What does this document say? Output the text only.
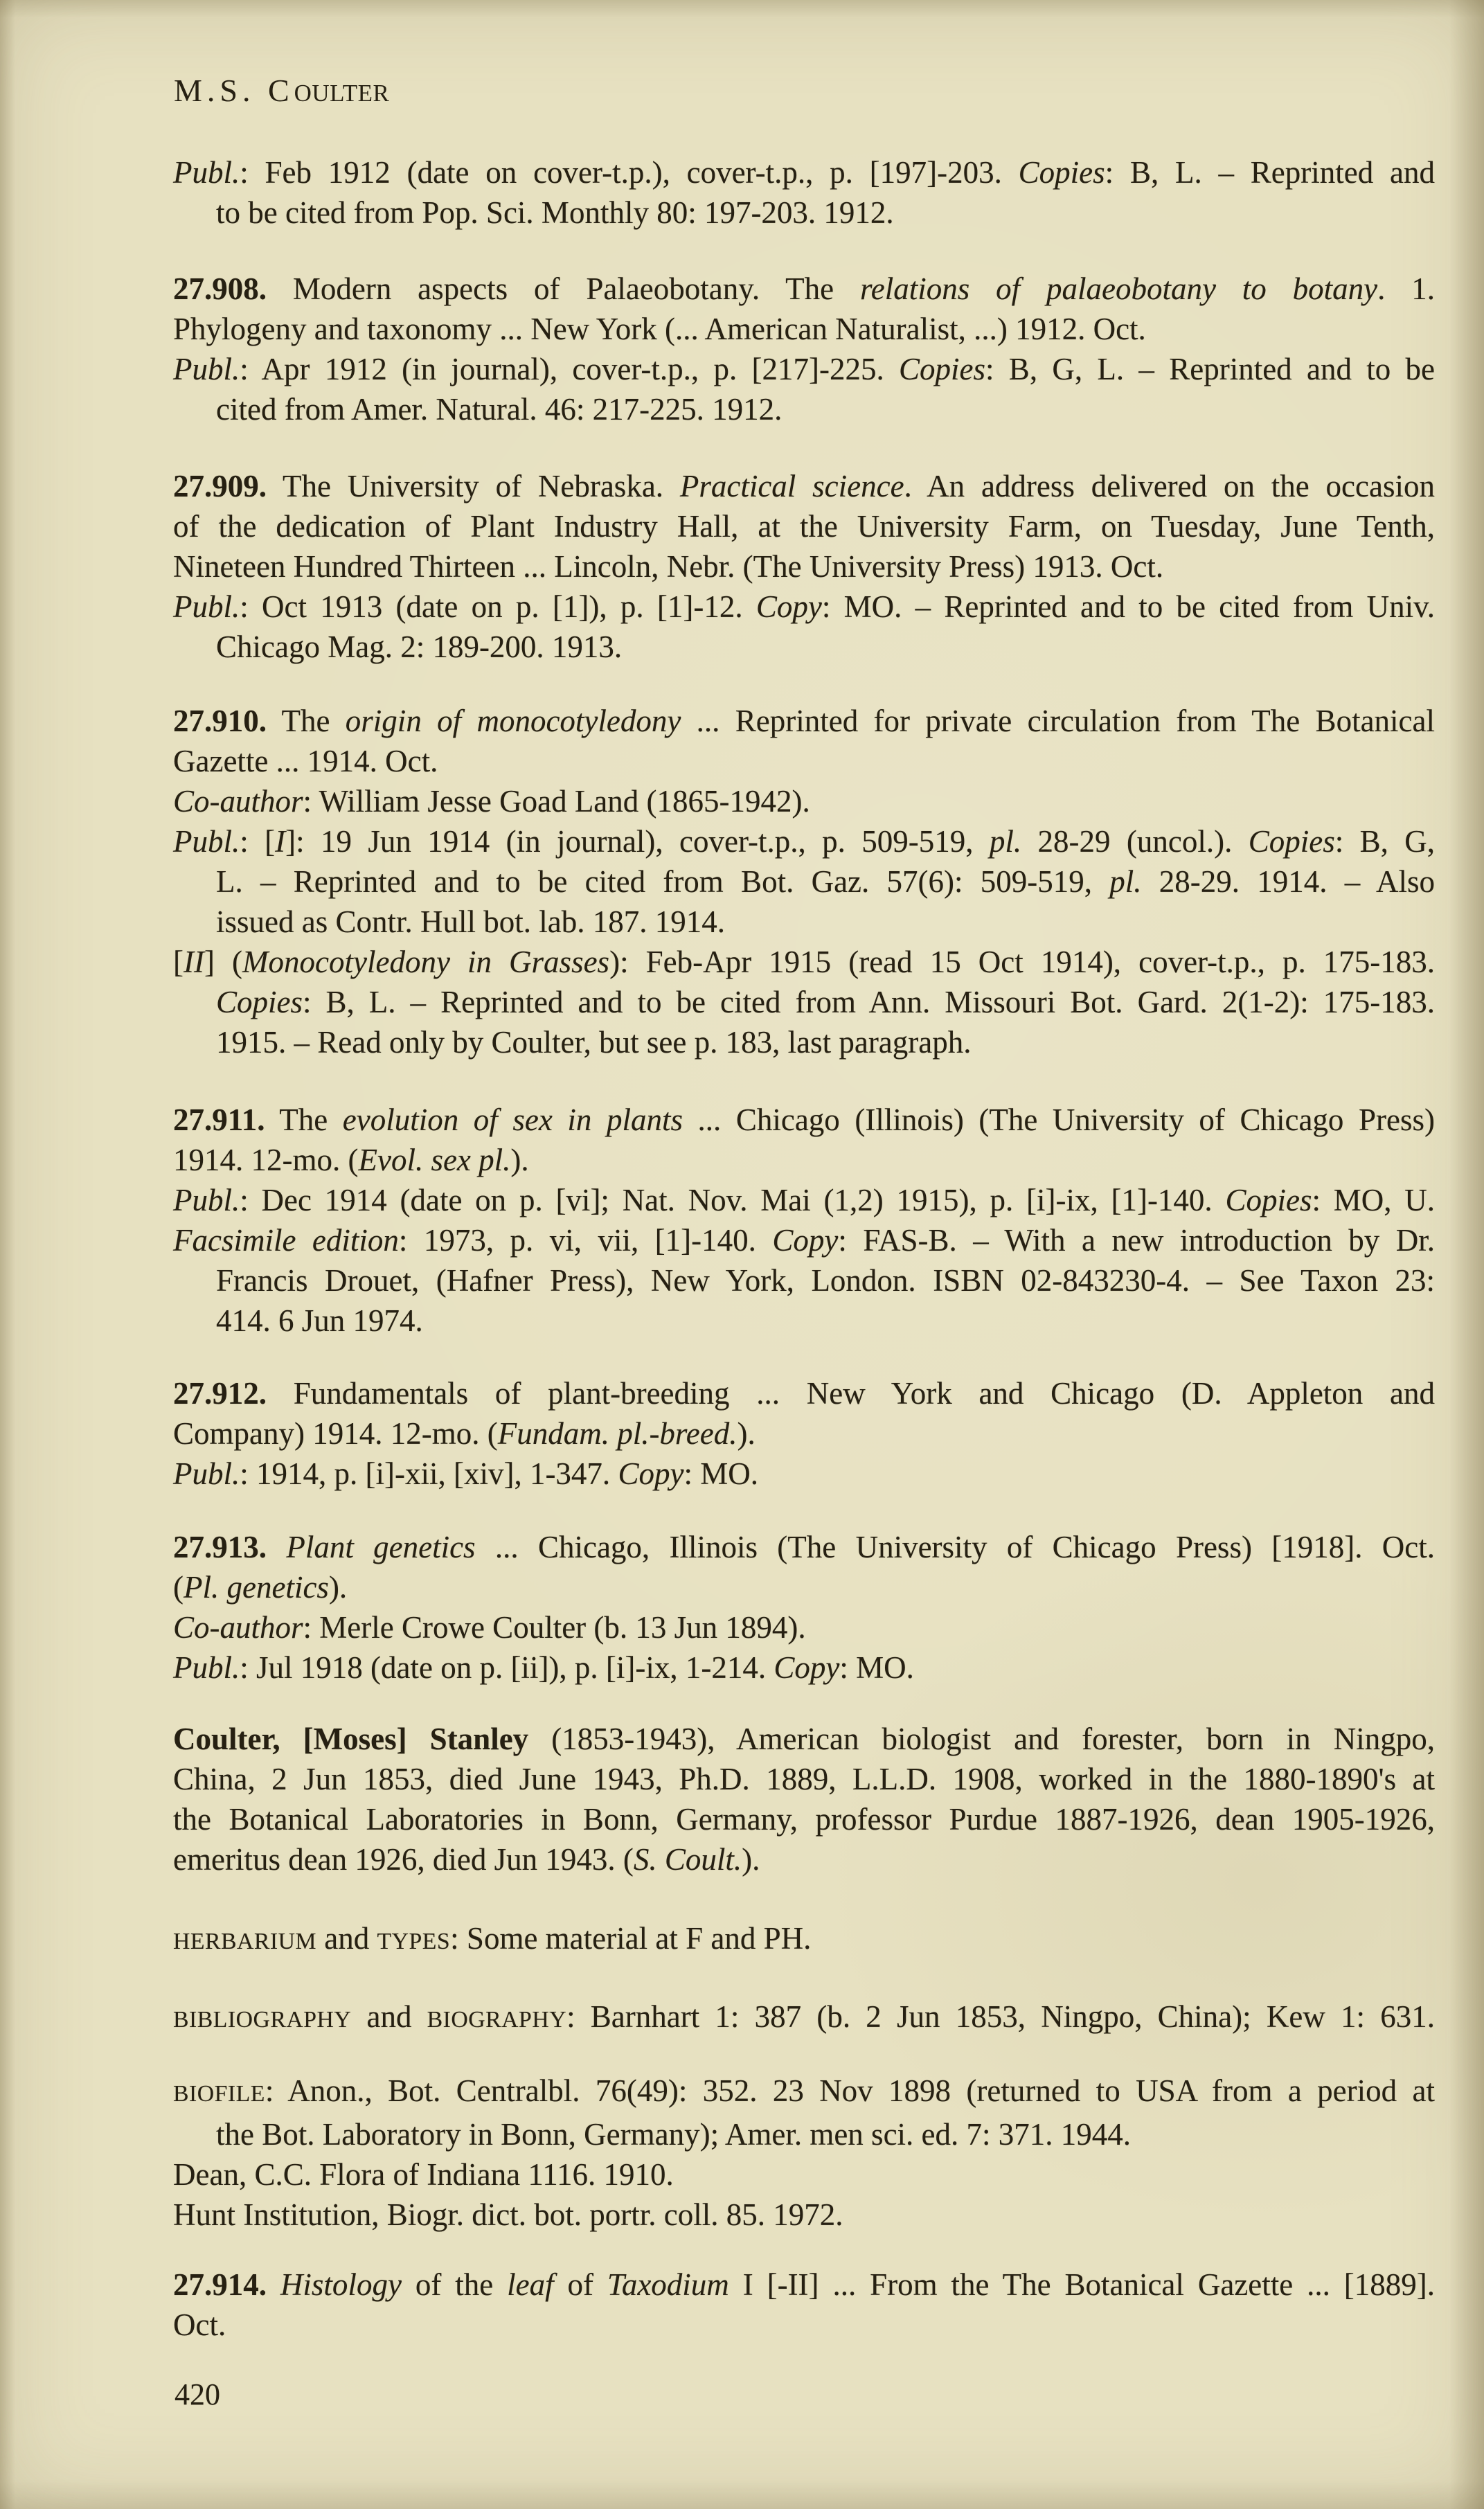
M.S. COULTER
Publ.: Feb 1912 (date on cover-t.p.), cover-t.p., p. [197]-203. Copies: B, L. – Reprinted and
to be cited from Pop. Sci. Monthly 80: 197-203. 1912.
27.908. Modern aspects of Palaeobotany. The relations of palaeobotany to botany. 1.
Phylogeny and taxonomy ... New York (... American Naturalist, ...) 1912. Oct.
Publ.: Apr 1912 (in journal), cover-t.p., p. [217]-225. Copies: B, G, L. – Reprinted and to be
cited from Amer. Natural. 46: 217-225. 1912.
27.909. The University of Nebraska. Practical science. An address delivered on the occasion
of the dedication of Plant Industry Hall, at the University Farm, on Tuesday, June Tenth,
Nineteen Hundred Thirteen ... Lincoln, Nebr. (The University Press) 1913. Oct.
Publ.: Oct 1913 (date on p. [1]), p. [1]-12. Copy: MO. – Reprinted and to be cited from Univ.
Chicago Mag. 2: 189-200. 1913.
27.910. The origin of monocotyledony ... Reprinted for private circulation from The Botanical
Gazette ... 1914. Oct.
Co-author: William Jesse Goad Land (1865-1942).
Publ.: [I]: 19 Jun 1914 (in journal), cover-t.p., p. 509-519, pl. 28-29 (uncol.). Copies: B, G,
L. – Reprinted and to be cited from Bot. Gaz. 57(6): 509-519, pl. 28-29. 1914. – Also
issued as Contr. Hull bot. lab. 187. 1914.
[II] (Monocotyledony in Grasses): Feb-Apr 1915 (read 15 Oct 1914), cover-t.p., p. 175-183.
Copies: B, L. – Reprinted and to be cited from Ann. Missouri Bot. Gard. 2(1-2): 175-183.
1915. – Read only by Coulter, but see p. 183, last paragraph.
27.911. The evolution of sex in plants ... Chicago (Illinois) (The University of Chicago Press)
1914. 12-mo. (Evol. sex pl.).
Publ.: Dec 1914 (date on p. [vi]; Nat. Nov. Mai (1,2) 1915), p. [i]-ix, [1]-140. Copies: MO, U.
Facsimile edition: 1973, p. vi, vii, [1]-140. Copy: FAS-B. – With a new introduction by Dr.
Francis Drouet, (Hafner Press), New York, London. ISBN 02-843230-4. – See Taxon 23:
414. 6 Jun 1974.
27.912. Fundamentals of plant-breeding ... New York and Chicago (D. Appleton and
Company) 1914. 12-mo. (Fundam. pl.-breed.).
Publ.: 1914, p. [i]-xii, [xiv], 1-347. Copy: MO.
27.913. Plant genetics ... Chicago, Illinois (The University of Chicago Press) [1918]. Oct.
(Pl. genetics).
Co-author: Merle Crowe Coulter (b. 13 Jun 1894).
Publ.: Jul 1918 (date on p. [ii]), p. [i]-ix, 1-214. Copy: MO.
Coulter, [Moses] Stanley (1853-1943), American biologist and forester, born in Ningpo,
China, 2 Jun 1853, died June 1943, Ph.D. 1889, L.L.D. 1908, worked in the 1880-1890's at
the Botanical Laboratories in Bonn, Germany, professor Purdue 1887-1926, dean 1905-1926,
emeritus dean 1926, died Jun 1943. (S. Coult.).
HERBARIUM and TYPES: Some material at F and PH.
BIBLIOGRAPHY and BIOGRAPHY: Barnhart 1: 387 (b. 2 Jun 1853, Ningpo, China); Kew 1: 631.
BIOFILE: Anon., Bot. Centralbl. 76(49): 352. 23 Nov 1898 (returned to USA from a period at
the Bot. Laboratory in Bonn, Germany); Amer. men sci. ed. 7: 371. 1944.
Dean, C.C. Flora of Indiana 1116. 1910.
Hunt Institution, Biogr. dict. bot. portr. coll. 85. 1972.
27.914. Histology of the leaf of Taxodium I [-II] ... From the The Botanical Gazette ... [1889].
Oct.
420
